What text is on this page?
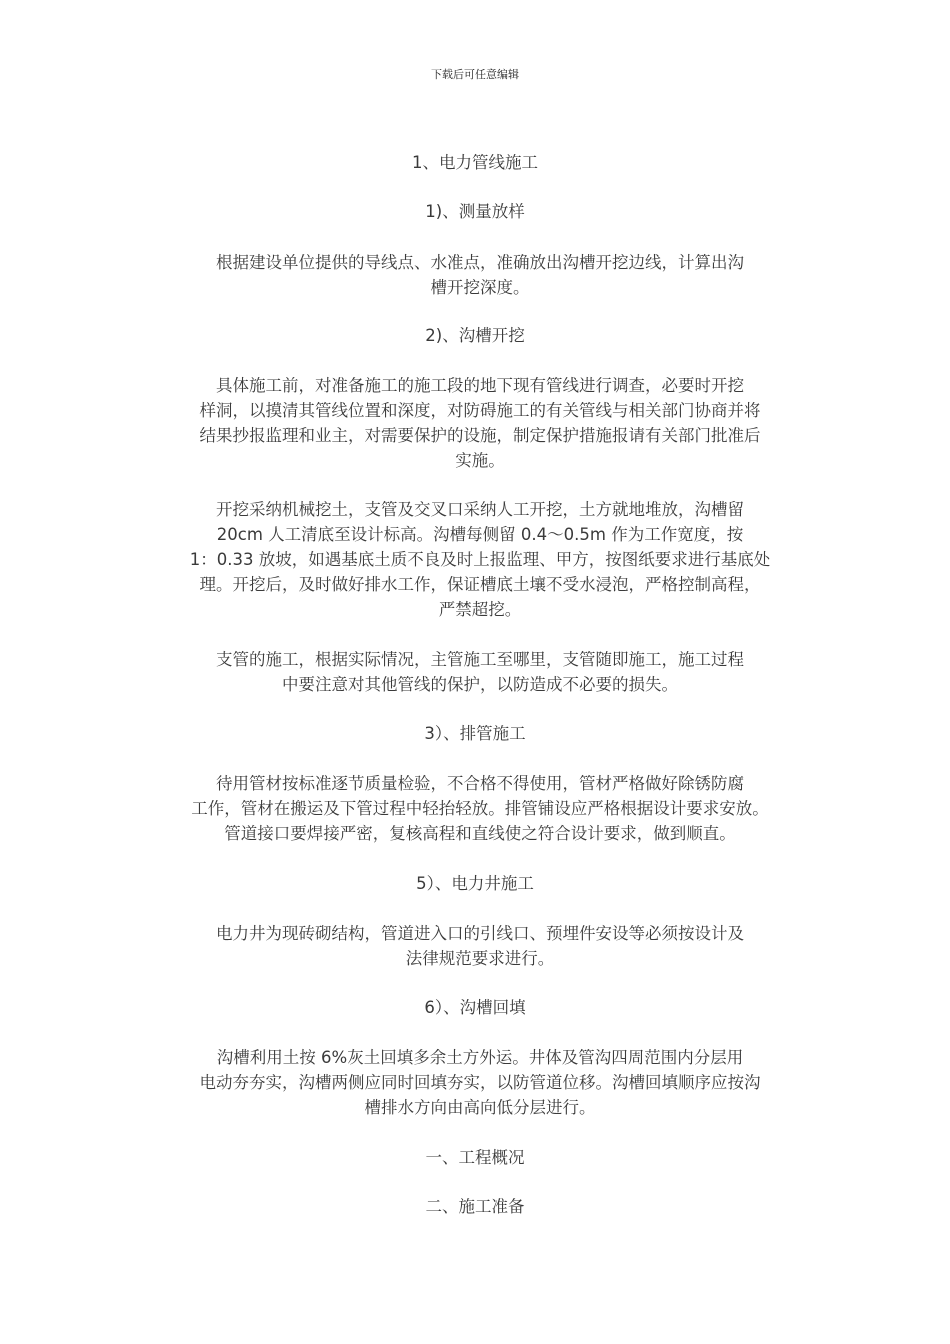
下载后可任意编辑
1、电力管线施工
1)、测量放样

根据建设单位提供的导线点、水准点，准确放出沟槽开挖边线，计算出沟

槽开挖深度。

2)、沟槽开挖

具体施工前，对准备施工的施工段的地下现有管线进行调查，必要时开挖

样洞，以摸清其管线位置和深度，对防碍施工的有关管线与相关部门协商并将

结果抄报监理和业主，对需要保护的设施，制定保护措施报请有关部门批准后

实施。

开挖采纳机械挖土，支管及交叉口采纳人工开挖，土方就地堆放，沟槽留

20cm 人工清底至设计标高。沟槽每侧留 0.4～0.5m 作为工作宽度，按

1：0.33 放坡，如遇基底土质不良及时上报监理、甲方，按图纸要求进行基底处

理。开挖后，及时做好排水工作，保证槽底土壤不受水浸泡，严格控制高程，

严禁超挖。

支管的施工，根据实际情况，主管施工至哪里，支管随即施工，施工过程

中要注意对其他管线的保护，以防造成不必要的损失。

3）、排管施工

待用管材按标准逐节质量检验，不合格不得使用，管材严格做好除锈防腐

工作，管材在搬运及下管过程中轻抬轻放。排管铺设应严格根据设计要求安放。

管道接口要焊接严密，复核高程和直线使之符合设计要求，做到顺直。

5）、电力井施工

电力井为现砖砌结构，管道进入口的引线口、预埋件安设等必须按设计及

法律规范要求进行。

6）、沟槽回填

沟槽利用土按 6%灰土回填多余土方外运。井体及管沟四周范围内分层用

电动夯夯实，沟槽两侧应同时回填夯实，以防管道位移。沟槽回填顺序应按沟

槽排水方向由高向低分层进行。

一、工程概况
二、施工准备
